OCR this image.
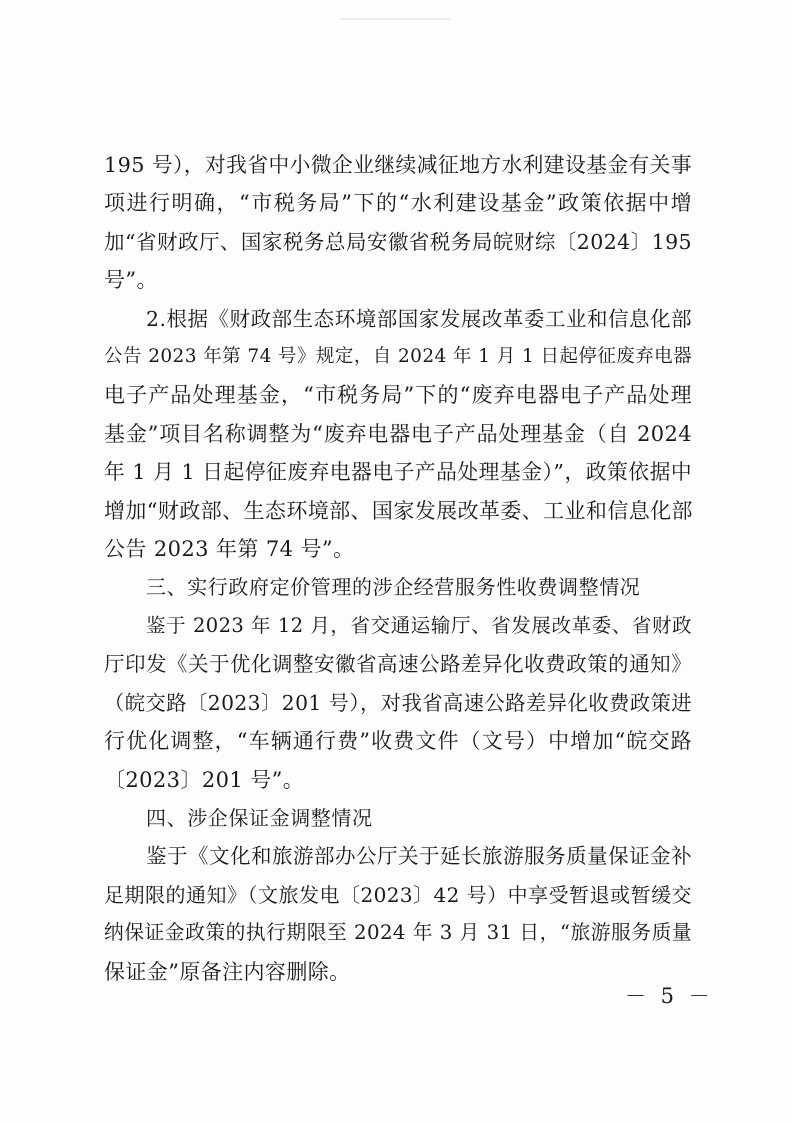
195 号），对我省中小微企业继续减征地方水利建设基金有关事
项进行明确，“市税务局”下的“水利建设基金”政策依据中增
加“省财政厅、国家税务总局安徽省税务局皖财综〔2024〕195
号”。
2.根据《财政部生态环境部国家发展改革委工业和信息化部
公告 2023 年第 74 号》规定，自 2024 年 1 月 1 日起停征废弃电器
电子产品处理基金，“市税务局”下的“废弃电器电子产品处理
基金”项目名称调整为“废弃电器电子产品处理基金（自 2024
年 1 月 1 日起停征废弃电器电子产品处理基金）”，政策依据中
增加“财政部、生态环境部、国家发展改革委、工业和信息化部
公告 2023 年第 74 号”。
三、实行政府定价管理的涉企经营服务性收费调整情况
鉴于 2023 年 12 月，省交通运输厅、省发展改革委、省财政
厅印发《关于优化调整安徽省高速公路差异化收费政策的通知》
（皖交路〔2023〕201 号），对我省高速公路差异化收费政策进
行优化调整，“车辆通行费”收费文件（文号）中增加“皖交路
〔2023〕201 号”。
四、涉企保证金调整情况
鉴于《文化和旅游部办公厅关于延长旅游服务质量保证金补
足期限的通知》（文旅发电〔2023〕42 号）中享受暂退或暂缓交
纳保证金政策的执行期限至 2024 年 3 月 31 日，“旅游服务质量
保证金”原备注内容删除。
－ 5 －
